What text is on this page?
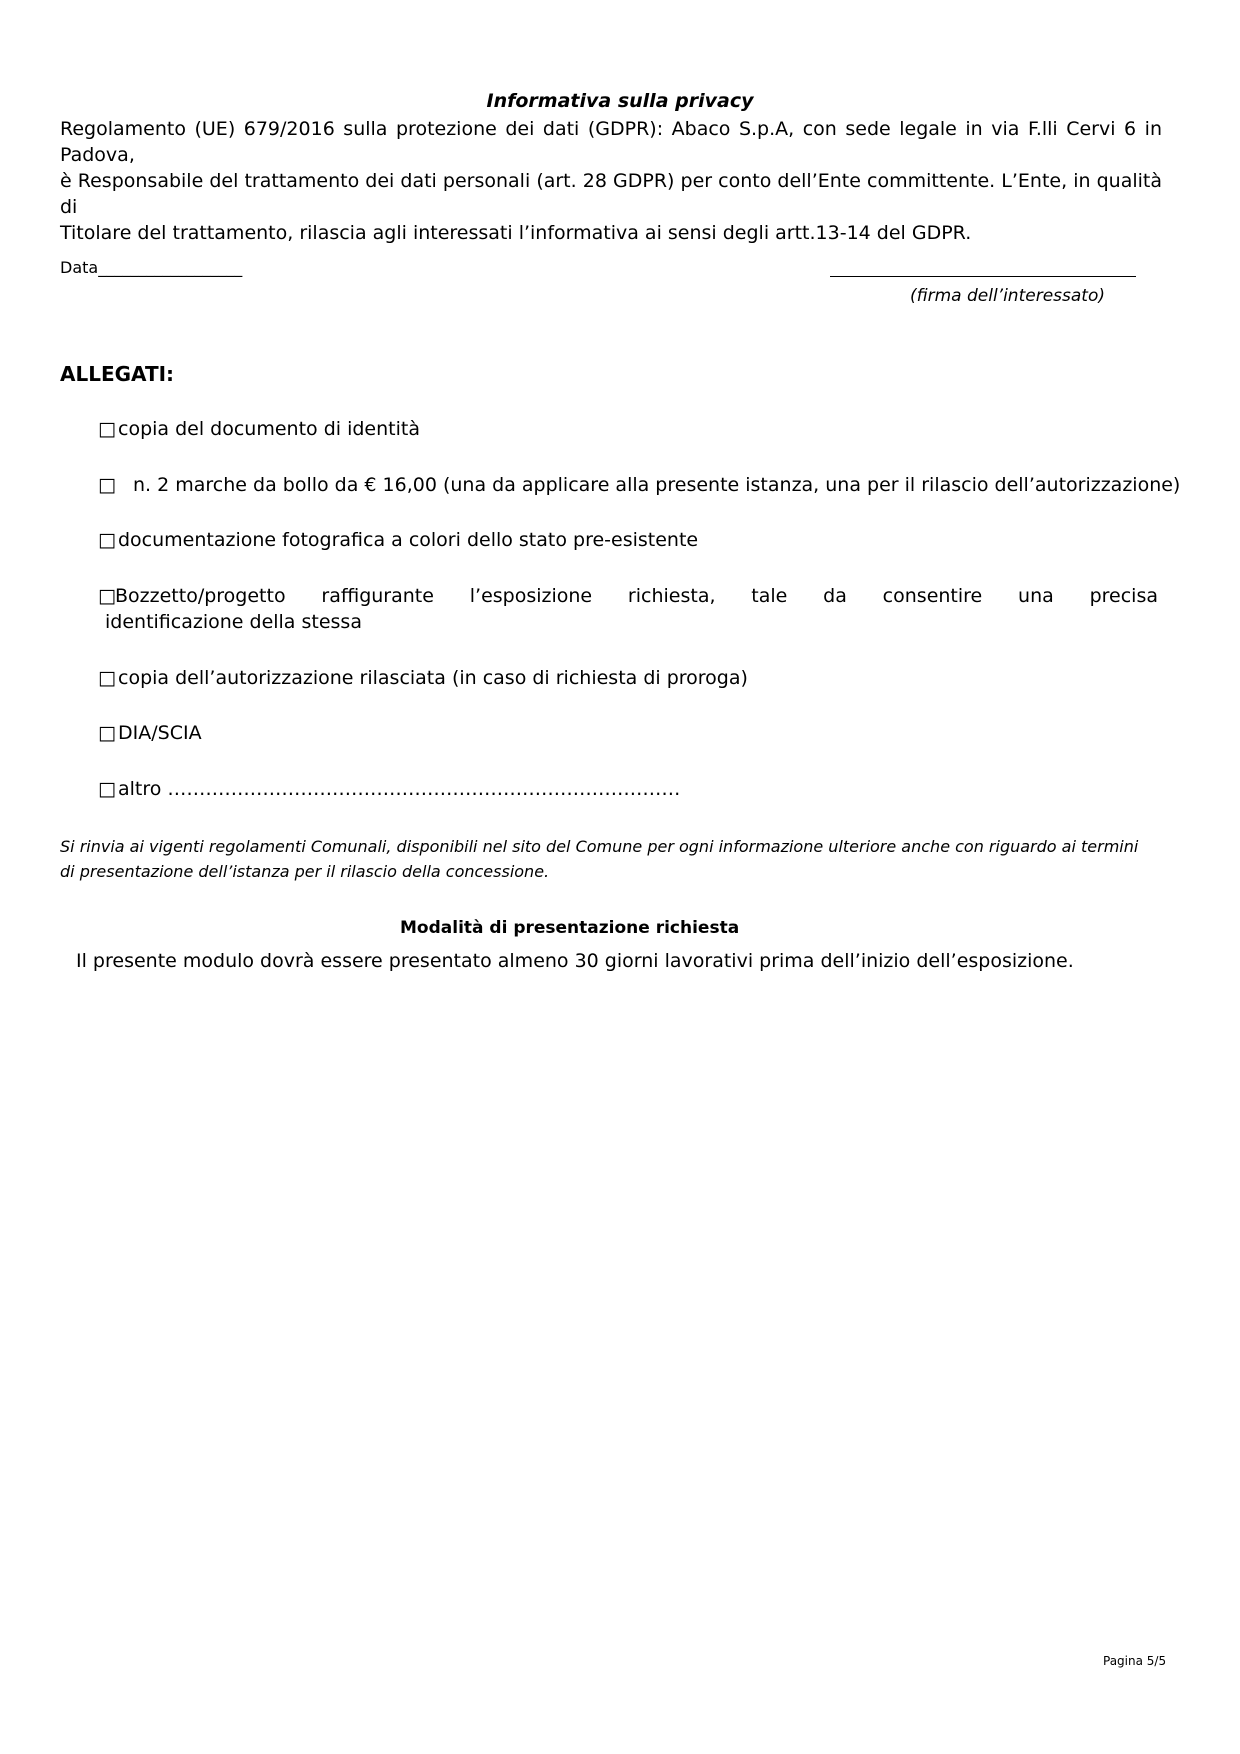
Informativa sulla privacy
Regolamento (UE) 679/2016 sulla protezione dei dati (GDPR): Abaco S.p.A, con sede legale in via F.lli Cervi 6 in Padova,
è Responsabile del trattamento dei dati personali (art. 28 GDPR) per conto dell’Ente committente. L’Ente, in qualità di
Titolare del trattamento, rilascia agli interessati l’informativa ai sensi degli artt.13-14 del GDPR.
Data__________________
(firma dell’interessato)
ALLEGATI:
□ copia del documento di identità
□ n. 2 marche da bollo da € 16,00 (una da applicare alla presente istanza, una per il rilascio dell’autorizzazione)
□ documentazione fotografica a colori dello stato pre-esistente
□Bozzetto/progetto raffigurante l’esposizione richiesta, tale da consentire una precisa
identificazione della stessa
□ copia dell’autorizzazione rilasciata (in caso di richiesta di proroga)
□ DIA/SCIA
□ altro ………………………………………………………………………
Si rinvia ai vigenti regolamenti Comunali, disponibili nel sito del Comune per ogni informazione ulteriore anche con riguardo ai termini
di presentazione dell’istanza per il rilascio della concessione.
Modalità di presentazione richiesta
Il presente modulo dovrà essere presentato almeno 30 giorni lavorativi prima dell’inizio dell’esposizione.
Pagina 5/5
